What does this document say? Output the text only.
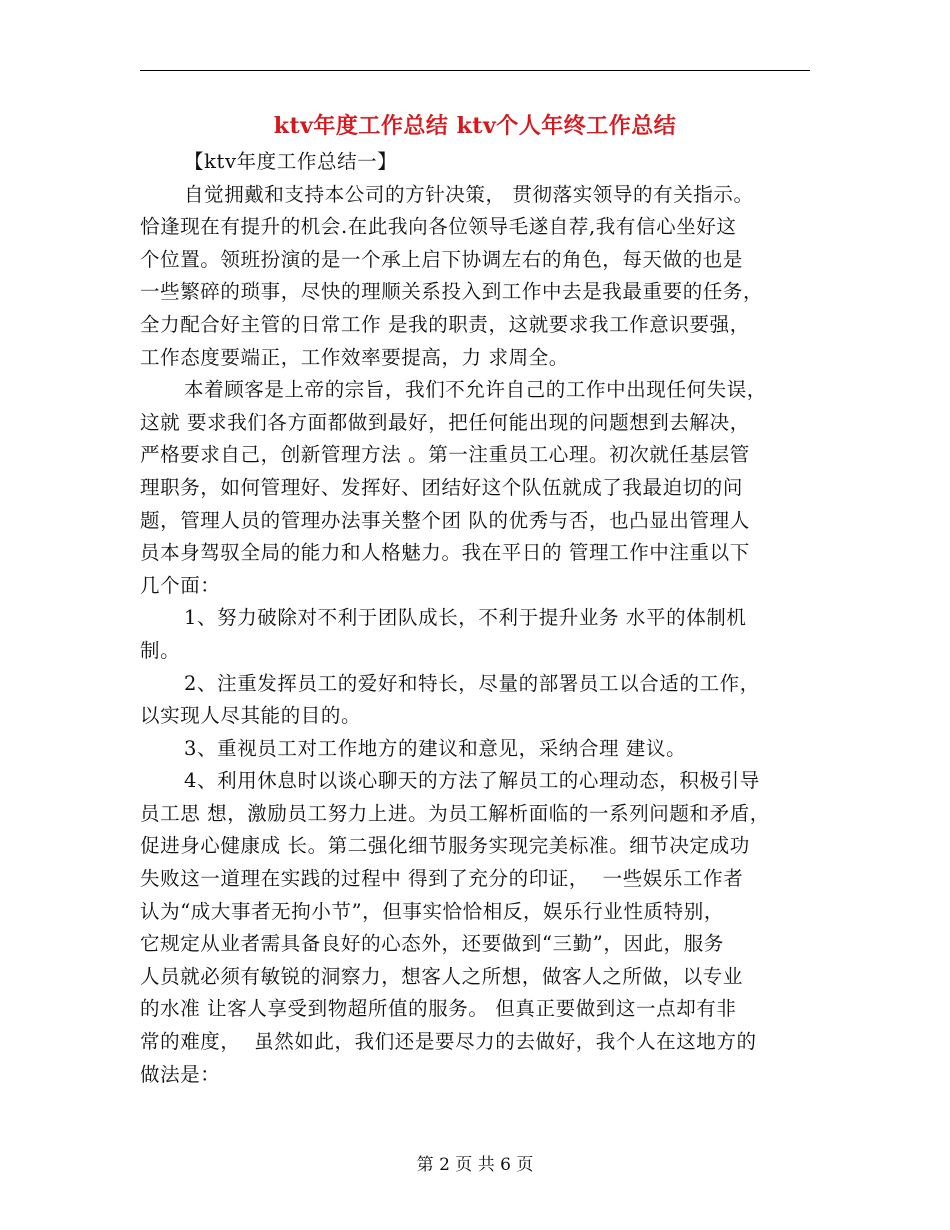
ktv年度工作总结 ktv个人年终工作总结
【ktv年度工作总结一】
自觉拥戴和支持本公司的方针决策， 贯彻落实领导的有关指示。
恰逢现在有提升的机会.在此我向各位领导毛遂自荐,我有信心坐好这
个位置。领班扮演的是一个承上启下协调左右的角色，每天做的也是
一些繁碎的琐事，尽快的理顺关系投入到工作中去是我最重要的任务，
全力配合好主管的日常工作 是我的职责，这就要求我工作意识要强，
工作态度要端正，工作效率要提高，力 求周全。
本着顾客是上帝的宗旨，我们不允许自己的工作中出现任何失误，
这就 要求我们各方面都做到最好，把任何能出现的问题想到去解决，
严格要求自己，创新管理方法 。第一注重员工心理。初次就任基层管
理职务，如何管理好、发挥好、团结好这个队伍就成了我最迫切的问
题，管理人员的管理办法事关整个团 队的优秀与否，也凸显出管理人
员本身驾驭全局的能力和人格魅力。我在平日的 管理工作中注重以下
几个面：
1、努力破除对不利于团队成长，不利于提升业务 水平的体制机
制。
2、注重发挥员工的爱好和特长，尽量的部署员工以合适的工作，
以实现人尽其能的目的。
3、重视员工对工作地方的建议和意见，采纳合理 建议。
4、利用休息时以谈心聊天的方法了解员工的心理动态，积极引导
员工思 想，激励员工努力上进。为员工解析面临的一系列问题和矛盾，
促进身心健康成 长。第二强化细节服务实现完美标准。细节决定成功
失败这一道理在实践的过程中 得到了充分的印证，  一些娱乐工作者
认为“成大事者无拘小节”，但事实恰恰相反，娱乐行业性质特别，
它规定从业者需具备良好的心态外，还要做到“三勤”，因此，服务
人员就必须有敏锐的洞察力，想客人之所想，做客人之所做，以专业
的水准 让客人享受到物超所值的服务。 但真正要做到这一点却有非
常的难度，  虽然如此，我们还是要尽力的去做好，我个人在这地方的
做法是：
第 2 页 共 6 页
